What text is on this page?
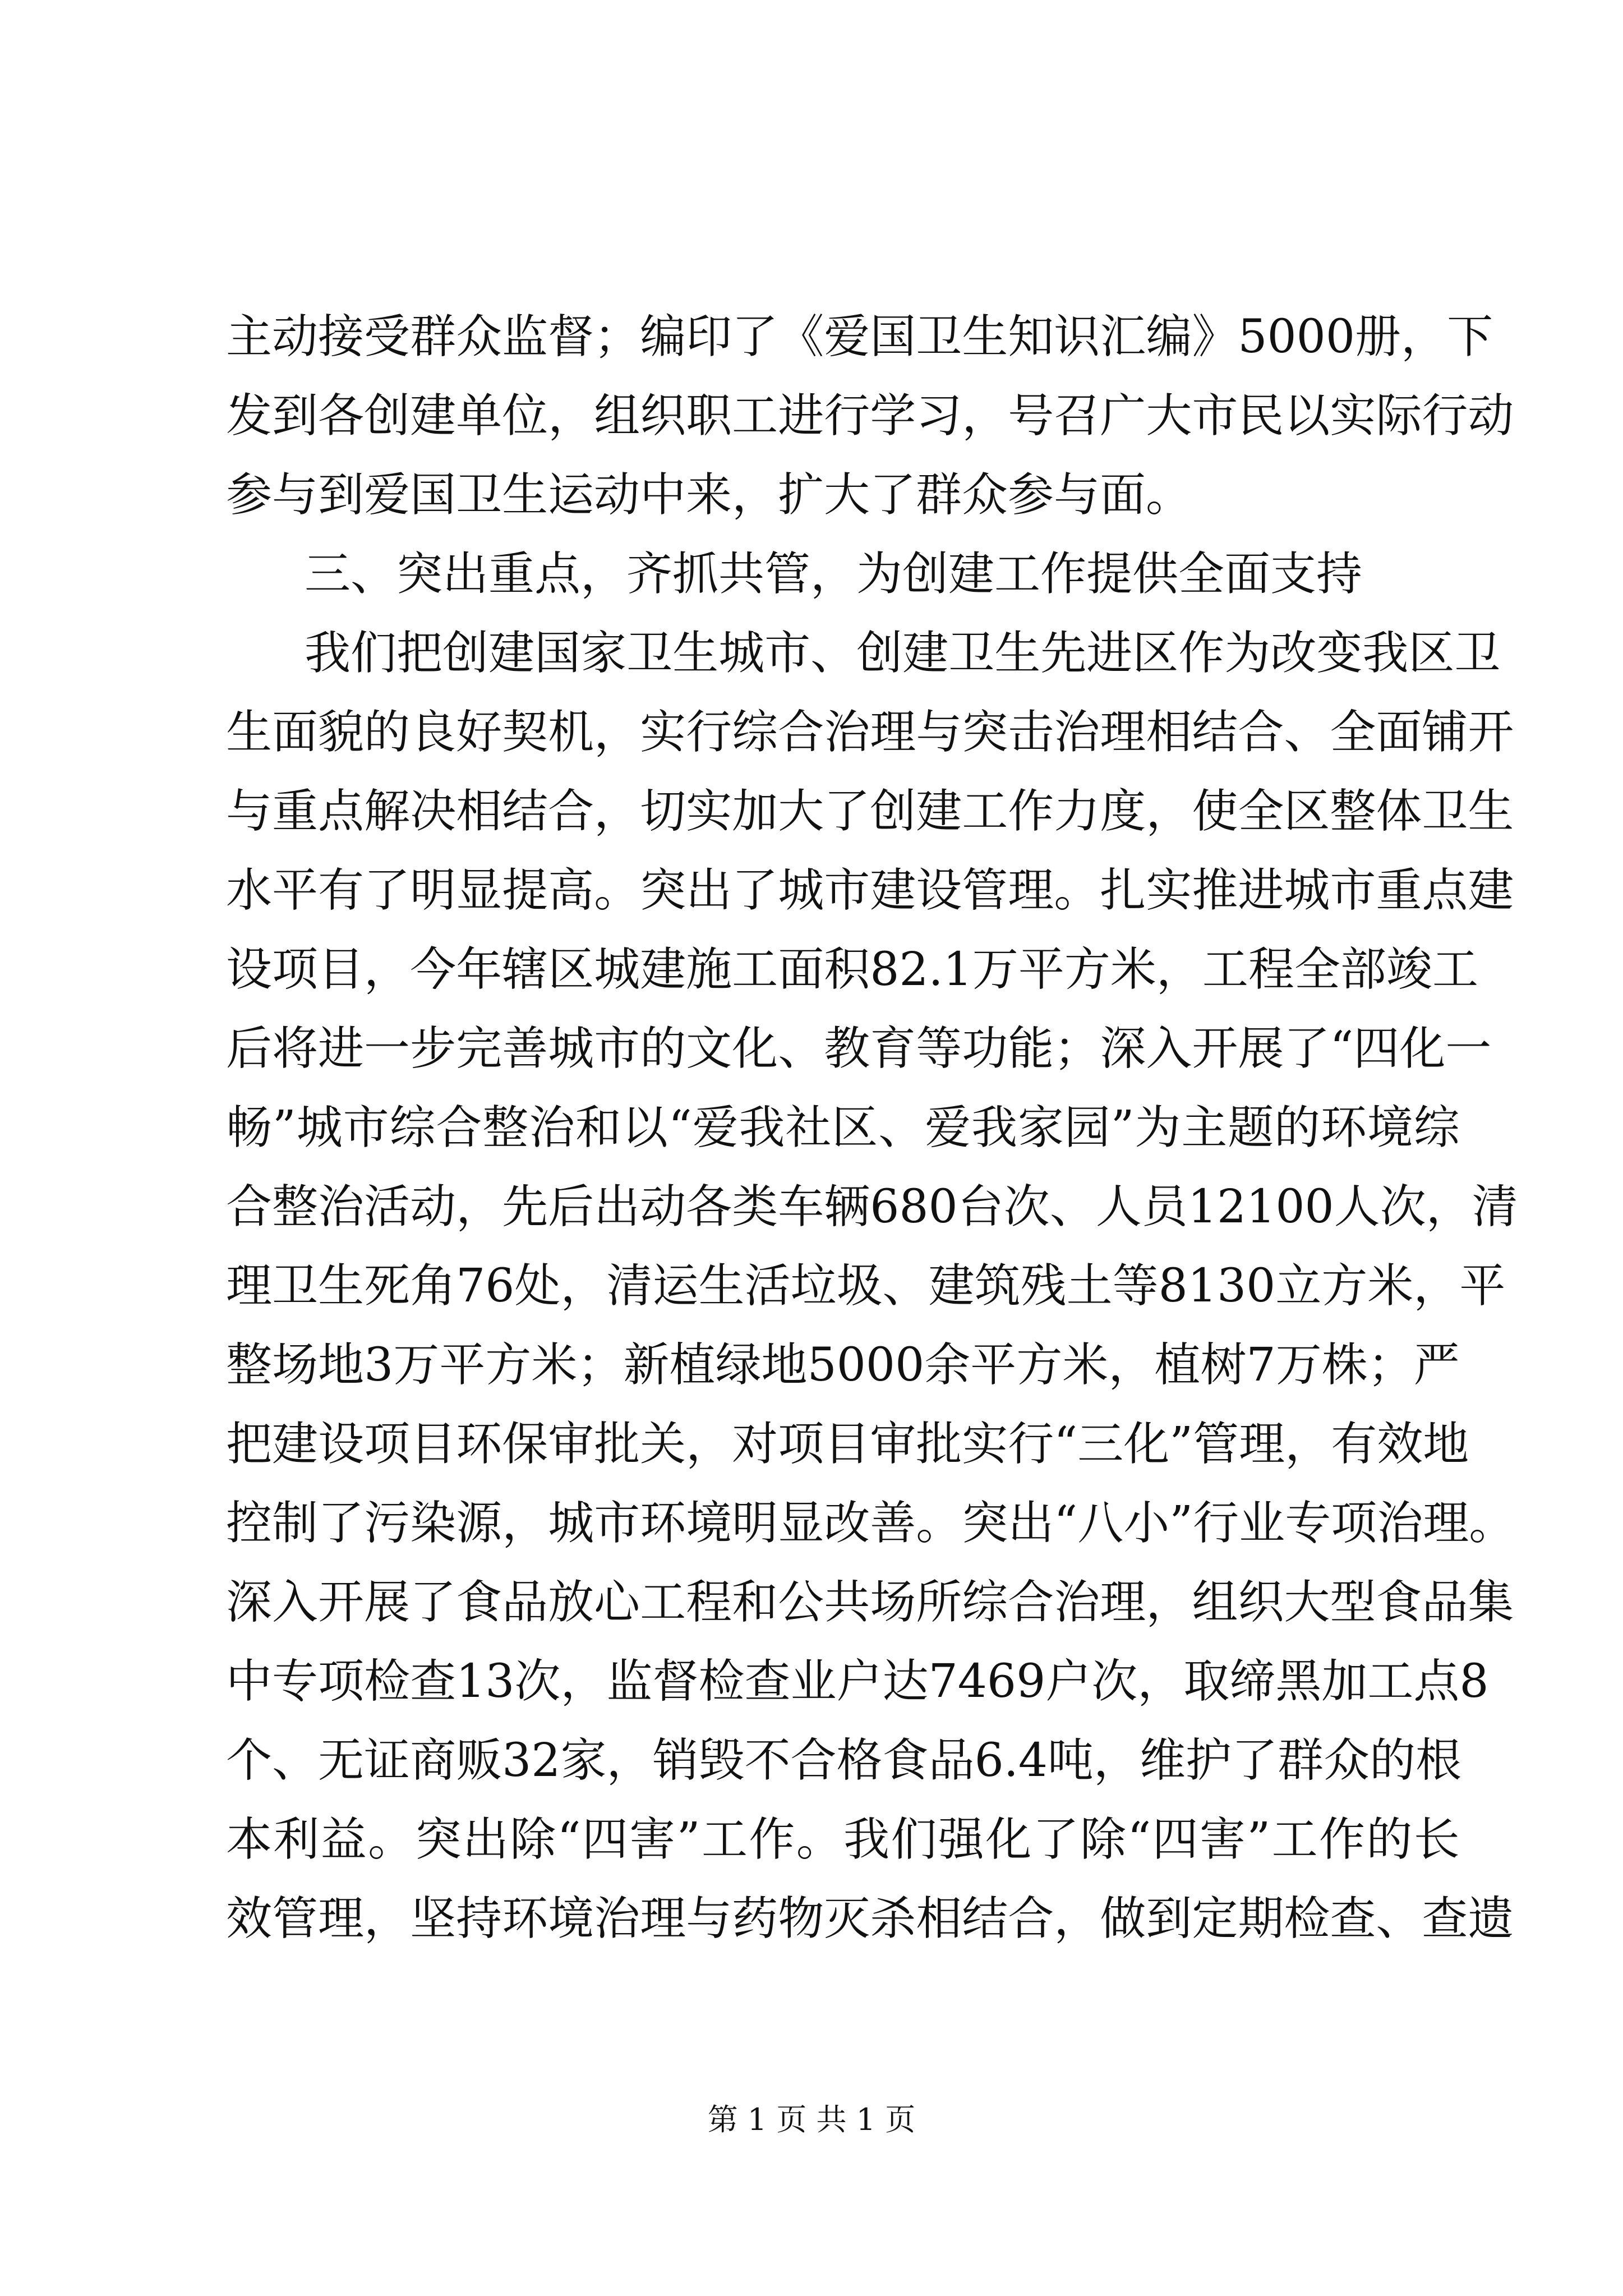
主 动 接 受 群 众 监 督 ； 编 印 了 《 爱 国 卫 生 知 识 汇 编 》 5000 册 ， 下
发 到 各 创 建 单 位 ， 组 织 职 工 进 行 学 习 ， 号 召 广 大 市 民 以 实 际 行 动
参与到爱国卫生运动中来，扩大了群众参与面。
三、突出重点，齐抓共管，为创建工作提供全面支持
我 们 把 创 建 国 家 卫 生 城 市 、 创 建 卫 生 先 进 区 作 为 改 变 我 区 卫
生 面 貌 的 良 好 契 机 ， 实 行 综 合 治 理 与 突 击 治 理 相 结 合 、 全 面 铺 开
与 重 点 解 决 相 结 合 ， 切 实 加 大 了 创 建 工 作 力 度 ， 使 全 区 整 体 卫 生
水 平 有 了 明 显 提 高 。 突 出 了 城 市 建 设 管 理 。 扎 实 推 进 城 市 重 点 建
设 项 目 ， 今 年 辖 区 城 建 施 工 面 积 82.1 万 平 方 米 ， 工 程 全 部 竣 工
后 将 进 一 步 完 善 城 市 的 文 化 、 教 育 等 功 能 ； 深 入 开 展 了 “ 四 化 一
畅 ” 城 市 综 合 整 治 和 以 “ 爱 我 社 区 、 爱 我 家 园 ” 为 主 题 的 环 境 综
合 整 治 活 动 ， 先 后 出 动 各 类 车 辆 680 台 次 、 人 员 12100 人 次 ， 清
理 卫 生 死 角 76 处 ， 清 运 生 活 垃 圾 、 建 筑 残 土 等 8130 立 方 米 ， 平
整 场 地 3 万 平 方 米 ； 新 植 绿 地 5000 余 平 方 米 ， 植 树 7 万 株 ； 严
把 建 设 项 目 环 保 审 批 关 ， 对 项 目 审 批 实 行 “ 三 化 ” 管 理 ， 有 效 地
控 制 了 污 染 源 ， 城 市 环 境 明 显 改 善 。 突 出 “ 八 小 ” 行 业 专 项 治 理 。
深 入 开 展 了 食 品 放 心 工 程 和 公 共 场 所 综 合 治 理 ， 组 织 大 型 食 品 集
中 专 项 检 查 13 次 ， 监 督 检 查 业 户 达 7469 户 次 ， 取 缔 黑 加 工 点 8
个 、 无 证 商 贩 32 家 ， 销 毁 不 合 格 食 品 6.4 吨 ， 维 护 了 群 众 的 根
本 利 益 。 突 出 除 “ 四 害 ” 工 作 。 我 们 强 化 了 除 “ 四 害 ” 工 作 的 长
效 管 理 ， 坚 持 环 境 治 理 与 药 物 灭 杀 相 结 合 ， 做 到 定 期 检 查 、 查 遗
第 1 页 共 1 页
